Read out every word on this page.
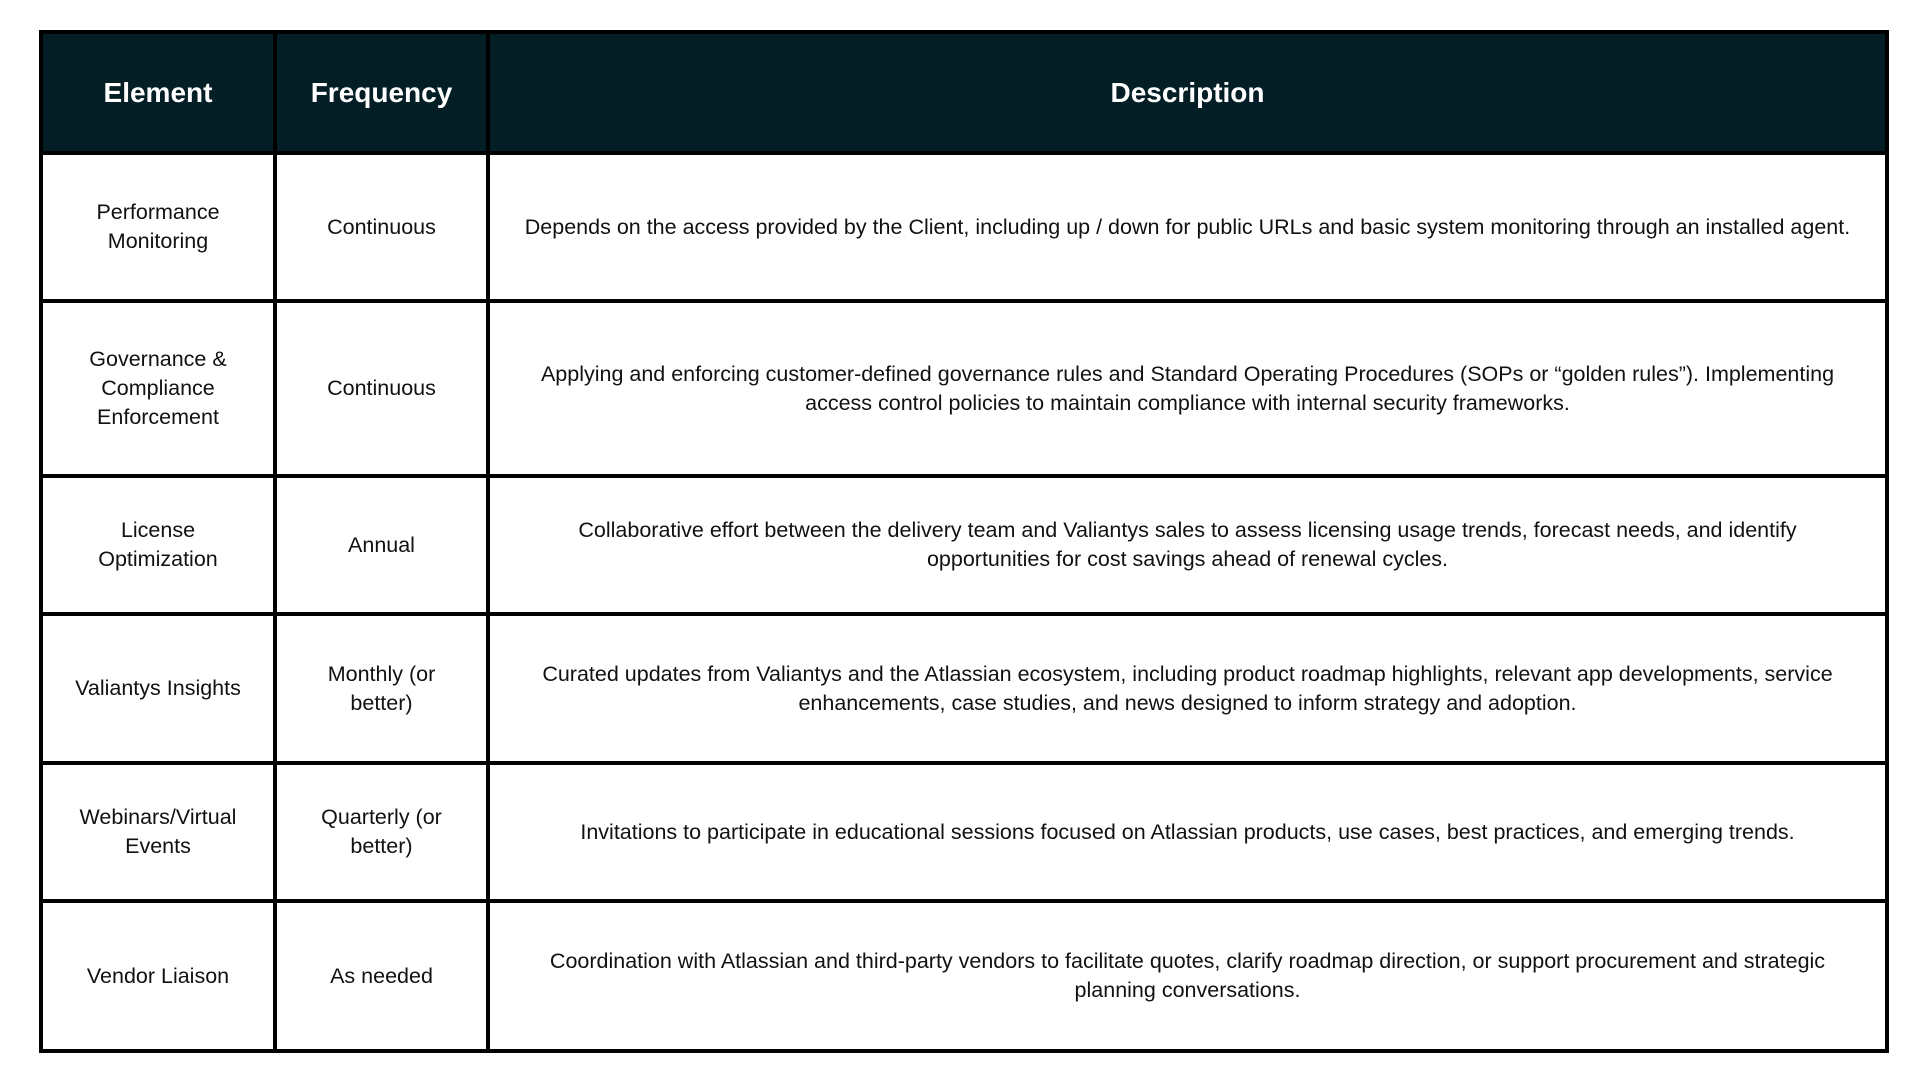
Element	Frequency	Description
Performance Monitoring	Continuous	Depends on the access provided by the Client, including up / down for public URLs and basic system monitoring through an installed agent.
Governance & Compliance Enforcement	Continuous	Applying and enforcing customer-defined governance rules and Standard Operating Procedures (SOPs or “golden rules”). Implementing access control policies to maintain compliance with internal security frameworks.
License Optimization	Annual	Collaborative effort between the delivery team and Valiantys sales to assess licensing usage trends, forecast needs, and identify opportunities for cost savings ahead of renewal cycles.
Valiantys Insights	Monthly (or better)	Curated updates from Valiantys and the Atlassian ecosystem, including product roadmap highlights, relevant app developments, service enhancements, case studies, and news designed to inform strategy and adoption.
Webinars/Virtual Events	Quarterly (or better)	Invitations to participate in educational sessions focused on Atlassian products, use cases, best practices, and emerging trends.
Vendor Liaison	As needed	Coordination with Atlassian and third-party vendors to facilitate quotes, clarify roadmap direction, or support procurement and strategic planning conversations.
